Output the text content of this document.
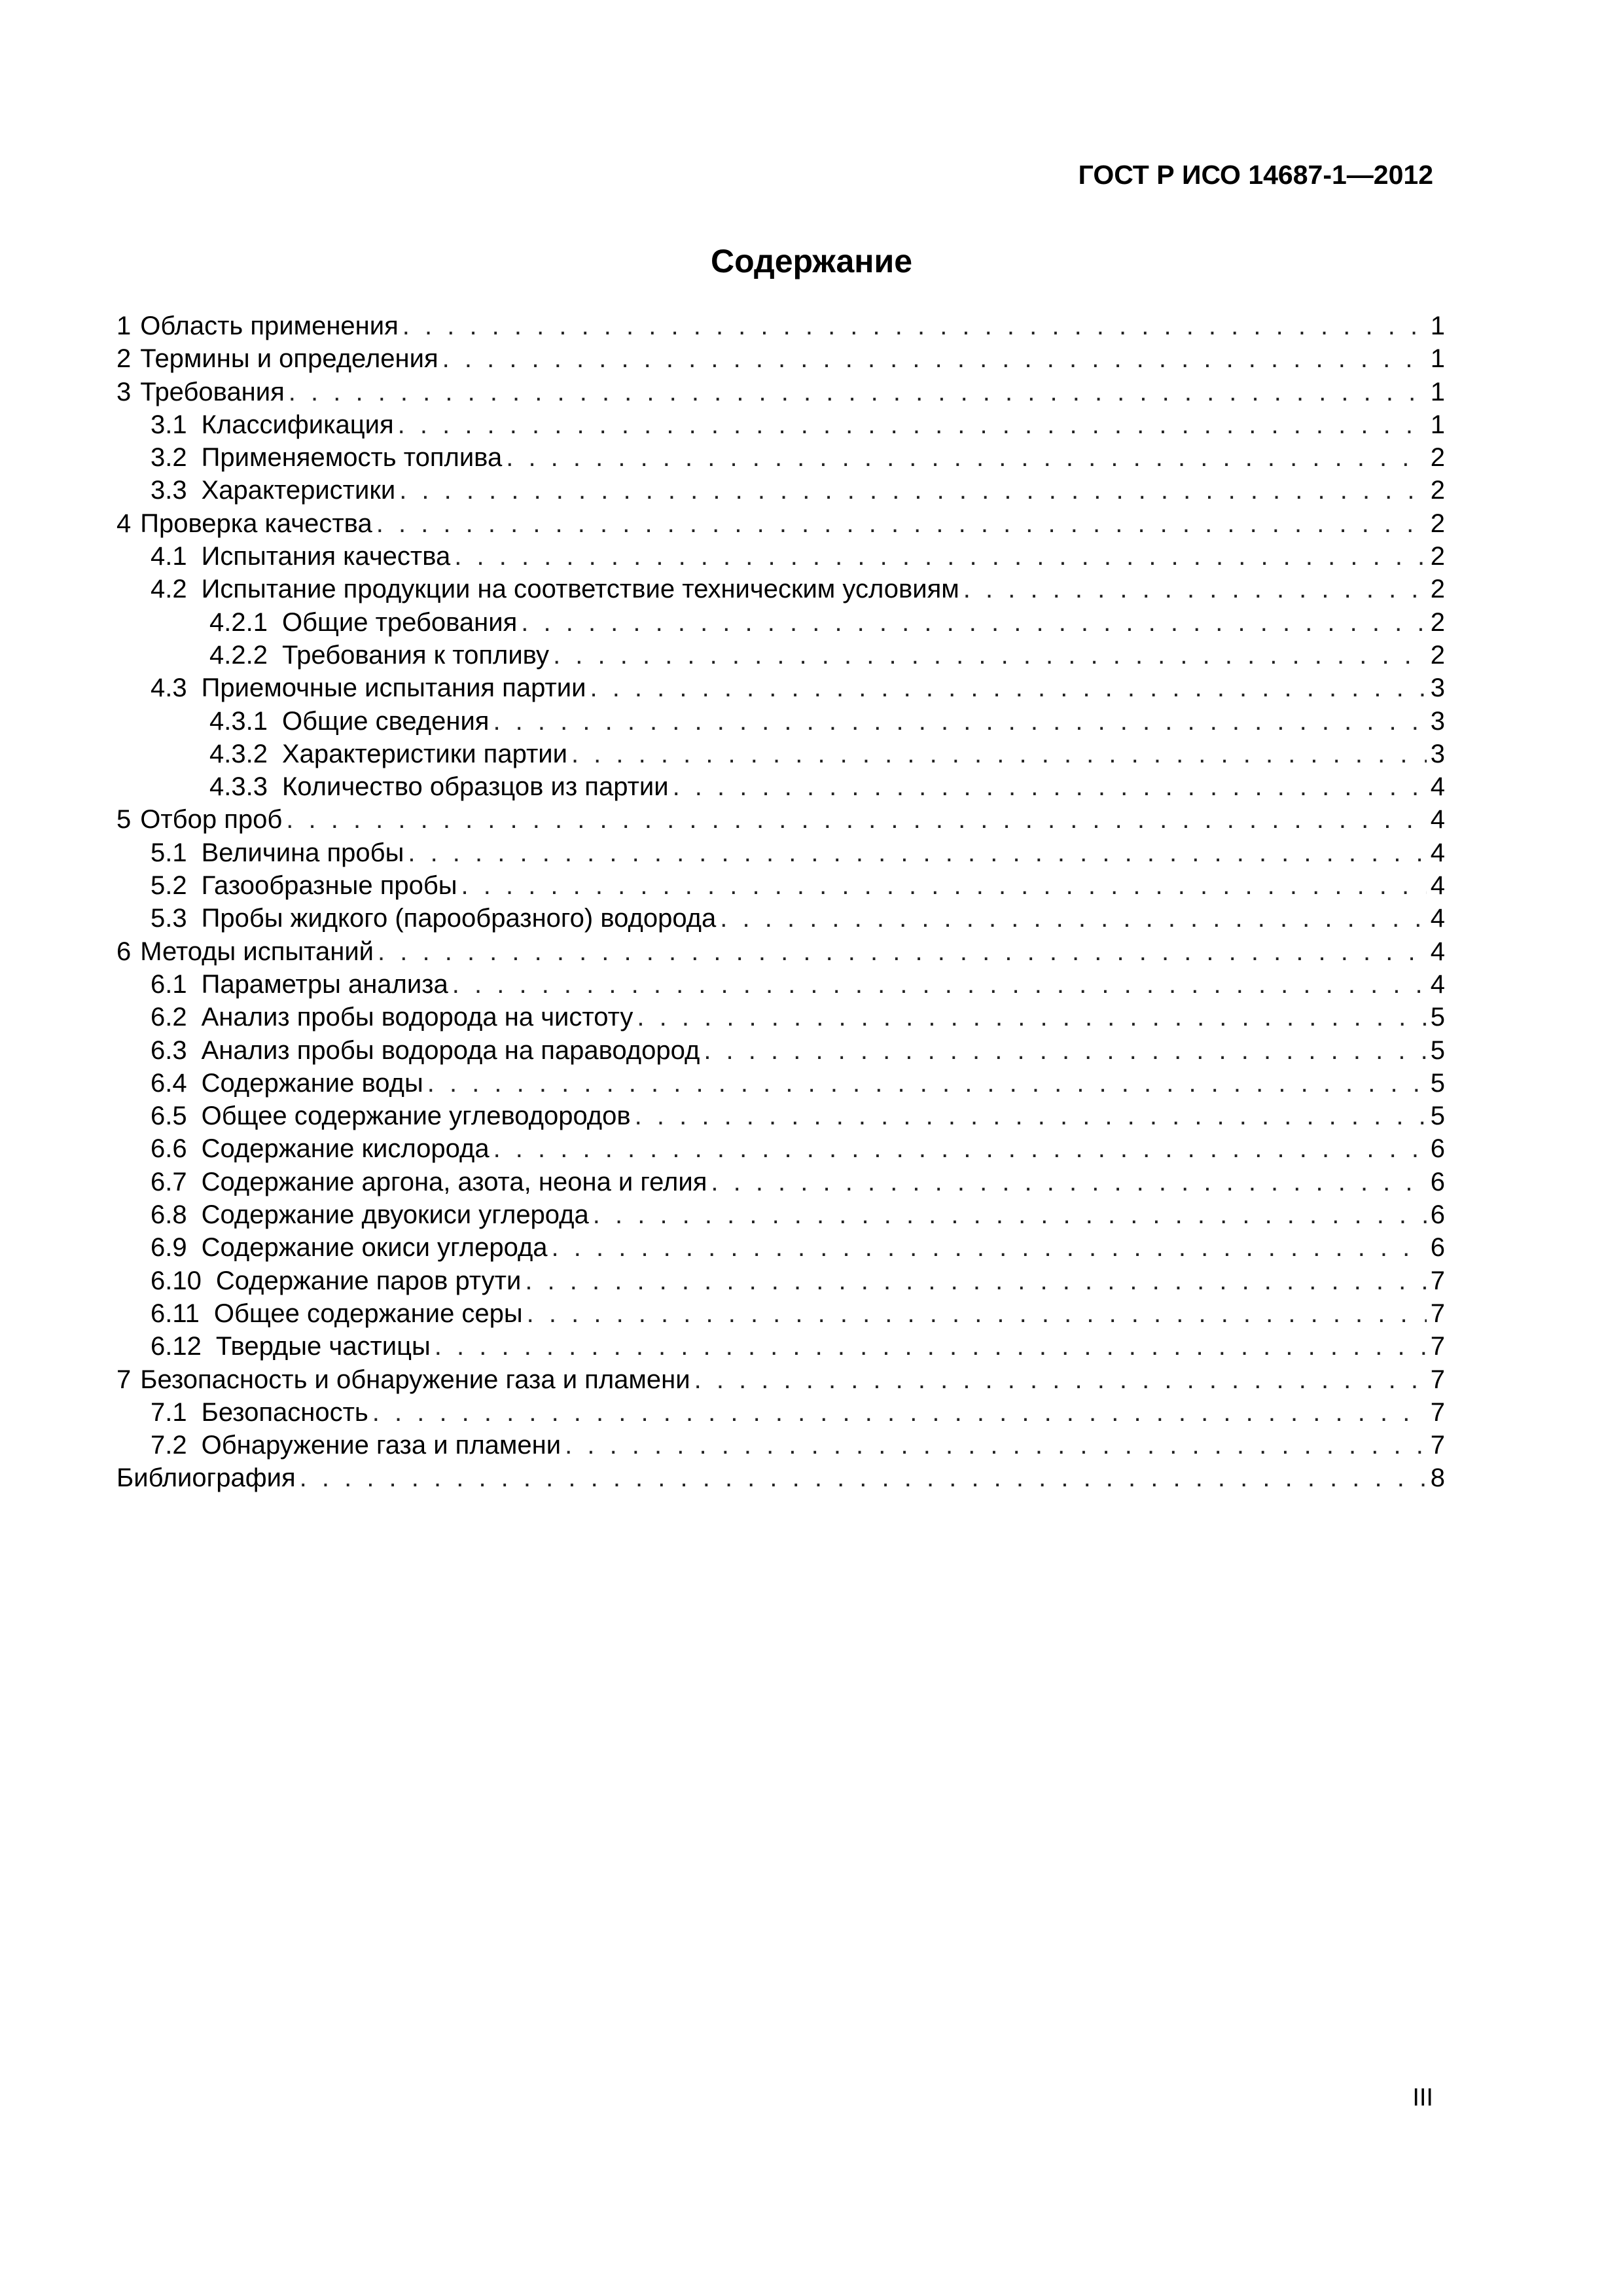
ГОСТ Р ИСО 14687-1—2012
Содержание
1 Область применения . . .	1
2 Термины и определения . . .	1
3 Требования . . .	1
3.1 Классификация . . .	1
3.2 Применяемость топлива . . .	2
3.3 Характеристики . . .	2
4 Проверка качества . . .	2
4.1 Испытания качества . . .	2
4.2 Испытание продукции на соответствие техническим условиям . . .	2
4.2.1 Общие требования . . .	2
4.2.2 Требования к топливу . . .	2
4.3 Приемочные испытания партии . . .	3
4.3.1 Общие сведения . . .	3
4.3.2 Характеристики партии . . .	3
4.3.3 Количество образцов из партии . . .	4
5 Отбор проб . . .	4
5.1 Величина пробы . . .	4
5.2 Газообразные пробы . . .	4
5.3 Пробы жидкого (парообразного) водорода . . .	4
6 Методы испытаний . . .	4
6.1 Параметры анализа . . .	4
6.2 Анализ пробы водорода на чистоту . . .	5
6.3 Анализ пробы водорода на параводород . . .	5
6.4 Содержание воды . . .	5
6.5 Общее содержание углеводородов . . .	5
6.6 Содержание кислорода . . .	6
6.7 Содержание аргона, азота, неона и гелия . . .	6
6.8 Содержание двуокиси углерода . . .	6
6.9 Содержание окиси углерода . . .	6
6.10 Содержание паров ртути . . .	7
6.11 Общее содержание серы . . .	7
6.12 Твердые частицы . . .	7
7 Безопасность и обнаружение газа и пламени . . .	7
7.1 Безопасность . . .	7
7.2 Обнаружение газа и пламени . . .	7
Библиография . . .	8
III
